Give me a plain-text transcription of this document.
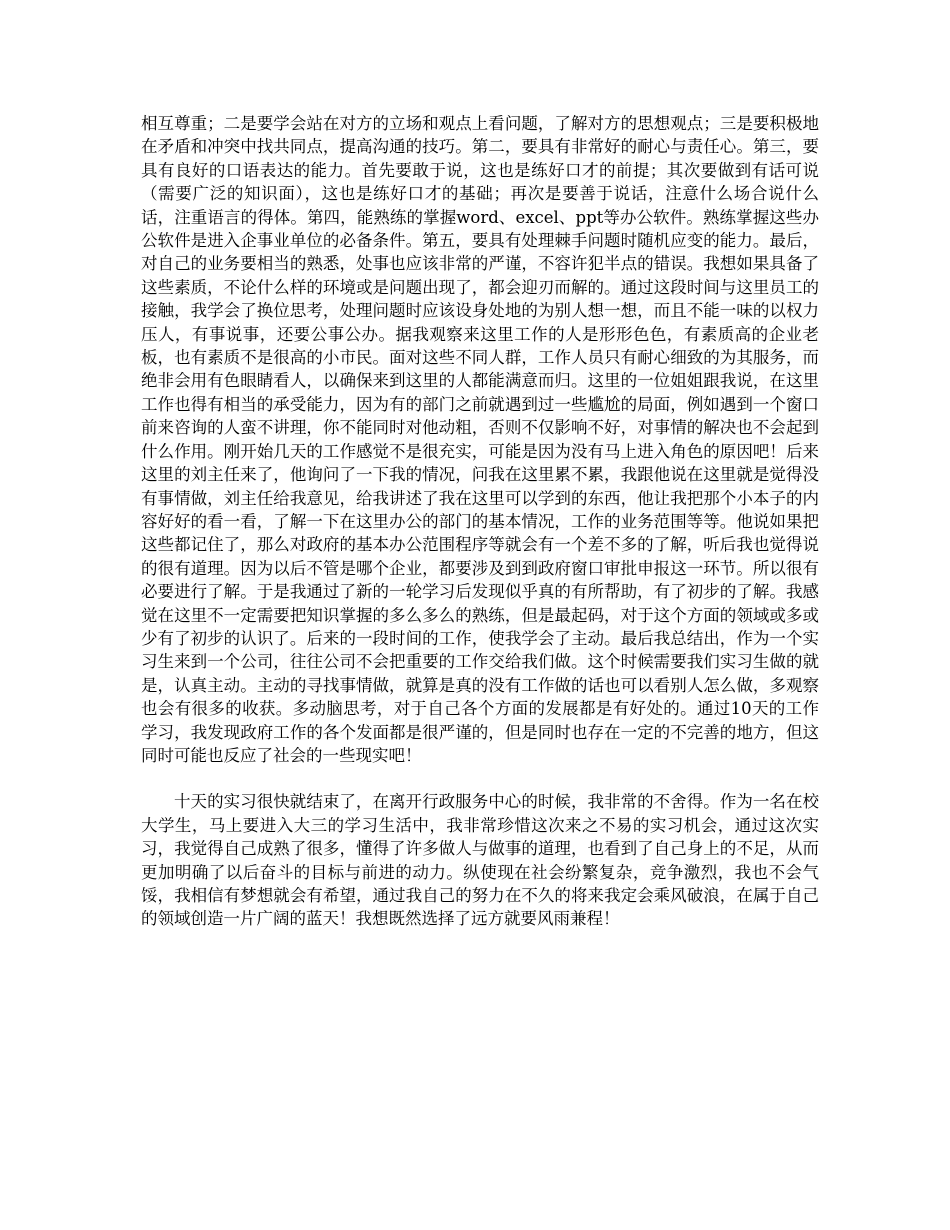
相互尊重；二是要学会站在对方的立场和观点上看问题，了解对方的思想观点；三是要积极地在矛盾和冲突中找共同点，提高沟通的技巧。第二，要具有非常好的耐心与责任心。第三，要具有良好的口语表达的能力。首先要敢于说，这也是练好口才的前提；其次要做到有话可说（需要广泛的知识面），这也是练好口才的基础；再次是要善于说话，注意什么场合说什么话，注重语言的得体。第四，能熟练的掌握word、excel、ppt等办公软件。熟练掌握这些办公软件是进入企事业单位的必备条件。第五，要具有处理棘手问题时随机应变的能力。最后，对自己的业务要相当的熟悉，处事也应该非常的严谨，不容许犯半点的错误。我想如果具备了这些素质，不论什么样的环境或是问题出现了，都会迎刃而解的。通过这段时间与这里员工的接触，我学会了换位思考，处理问题时应该设身处地的为别人想一想，而且不能一味的以权力压人，有事说事，还要公事公办。据我观察来这里工作的人是形形色色，有素质高的企业老板，也有素质不是很高的小市民。面对这些不同人群，工作人员只有耐心细致的为其服务，而绝非会用有色眼睛看人，以确保来到这里的人都能满意而归。这里的一位姐姐跟我说，在这里工作也得有相当的承受能力，因为有的部门之前就遇到过一些尴尬的局面，例如遇到一个窗口前来咨询的人蛮不讲理，你不能同时对他动粗，否则不仅影响不好，对事情的解决也不会起到什么作用。刚开始几天的工作感觉不是很充实，可能是因为没有马上进入角色的原因吧！后来这里的刘主任来了，他询问了一下我的情况，问我在这里累不累，我跟他说在这里就是觉得没有事情做，刘主任给我意见，给我讲述了我在这里可以学到的东西，他让我把那个小本子的内容好好的看一看，了解一下在这里办公的部门的基本情况，工作的业务范围等等。他说如果把这些都记住了，那么对政府的基本办公范围程序等就会有一个差不多的了解，听后我也觉得说的很有道理。因为以后不管是哪个企业，都要涉及到到政府窗口审批申报这一环节。所以很有必要进行了解。于是我通过了新的一轮学习后发现似乎真的有所帮助，有了初步的了解。我感觉在这里不一定需要把知识掌握的多么多么的熟练，但是最起码，对于这个方面的领域或多或少有了初步的认识了。后来的一段时间的工作，使我学会了主动。最后我总结出，作为一个实习生来到一个公司，往往公司不会把重要的工作交给我们做。这个时候需要我们实习生做的就是，认真主动。主动的寻找事情做，就算是真的没有工作做的话也可以看别人怎么做，多观察也会有很多的收获。多动脑思考，对于自己各个方面的发展都是有好处的。通过10天的工作学习，我发现政府工作的各个发面都是很严谨的，但是同时也存在一定的不完善的地方，但这同时可能也反应了社会的一些现实吧！

十天的实习很快就结束了，在离开行政服务中心的时候，我非常的不舍得。作为一名在校大学生，马上要进入大三的学习生活中，我非常珍惜这次来之不易的实习机会，通过这次实习，我觉得自己成熟了很多，懂得了许多做人与做事的道理，也看到了自己身上的不足，从而更加明确了以后奋斗的目标与前进的动力。纵使现在社会纷繁复杂，竞争激烈，我也不会气馁，我相信有梦想就会有希望，通过我自己的努力在不久的将来我定会乘风破浪，在属于自己的领域创造一片广阔的蓝天！我想既然选择了远方就要风雨兼程！
